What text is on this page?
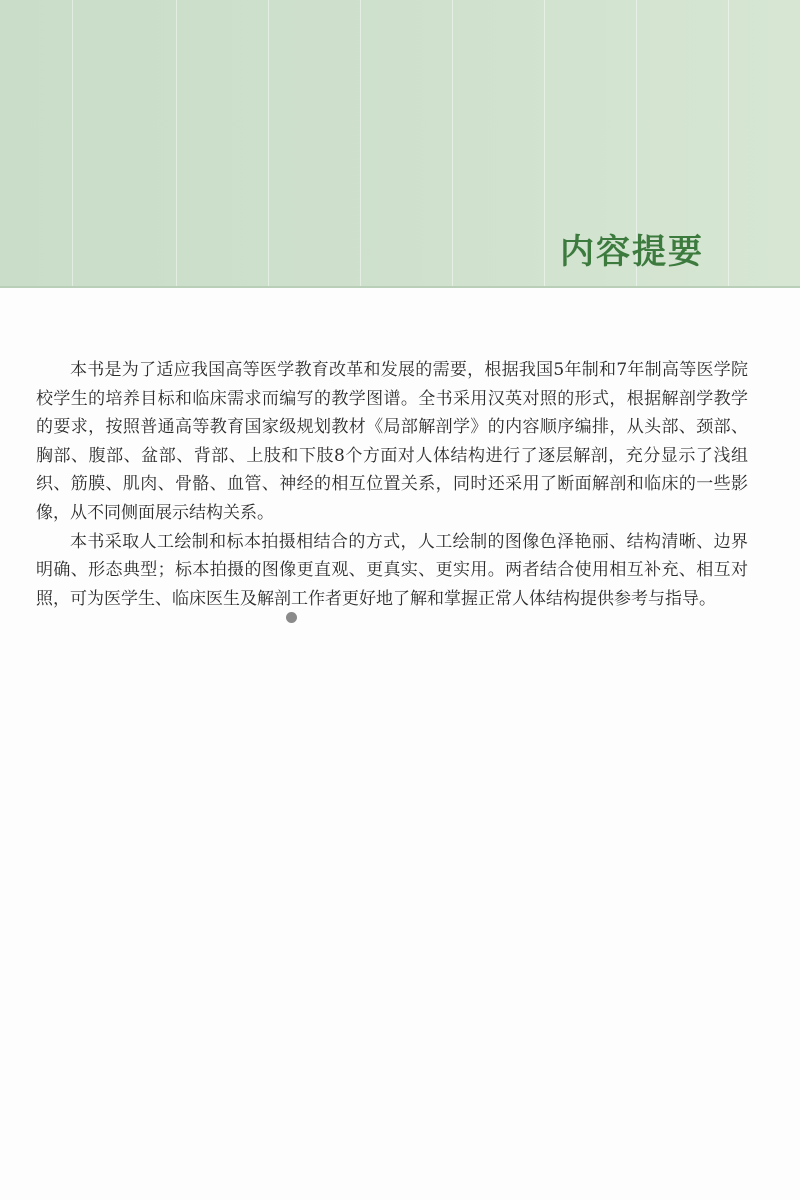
内容提要

本书是为了适应我国高等医学教育改革和发展的需要，根据我国5年制和7年制高等医学院校学生的培养目标和临床需求而编写的教学图谱。全书采用汉英对照的形式，根据解剖学教学的要求，按照普通高等教育国家级规划教材《局部解剖学》的内容顺序编排，从头部、颈部、胸部、腹部、盆部、背部、上肢和下肢8个方面对人体结构进行了逐层解剖，充分显示了浅组织、筋膜、肌肉、骨骼、血管、神经的相互位置关系，同时还采用了断面解剖和临床的一些影像，从不同侧面展示结构关系。

本书采取人工绘制和标本拍摄相结合的方式，人工绘制的图像色泽艳丽、结构清晰、边界明确、形态典型；标本拍摄的图像更直观、更真实、更实用。两者结合使用相互补充、相互对照，可为医学生、临床医生及解剖工作者更好地了解和掌握正常人体结构提供参考与指导。
